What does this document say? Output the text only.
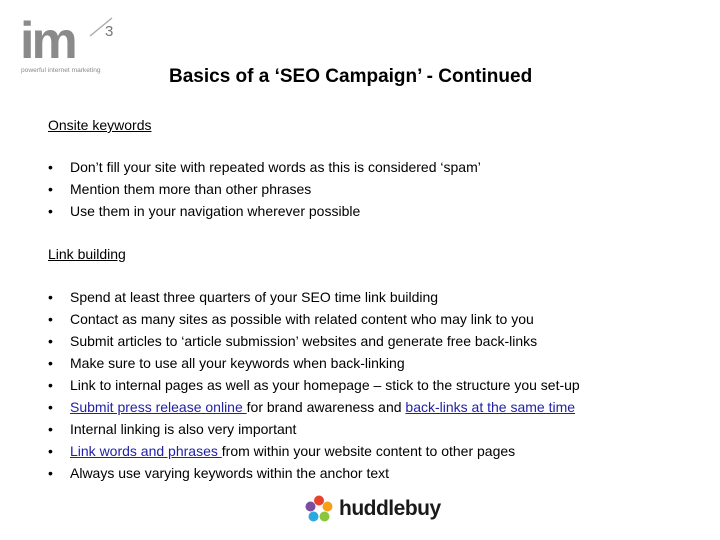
im 3
powerful internet marketing	Basics of a ‘SEO Campaign’ - Continued
Onsite keywords
• Don’t fill your site with repeated words as this is considered ‘spam’
• Mention them more than other phrases
• Use them in your navigation wherever possible
Link building
• Spend at least three quarters of your SEO time link building
• Contact as many sites as possible with related content who may link to you
• Submit articles to ‘article submission’ websites and generate free back-links
• Make sure to use all your keywords when back-linking
• Link to internal pages as well as your homepage – stick to the structure you set-up
• Submit press release online for brand awareness and back-links at the same time
• Internal linking is also very important
• Link words and phrases from within your website content to other pages
• Always use varying keywords within the anchor text
huddlebuy
